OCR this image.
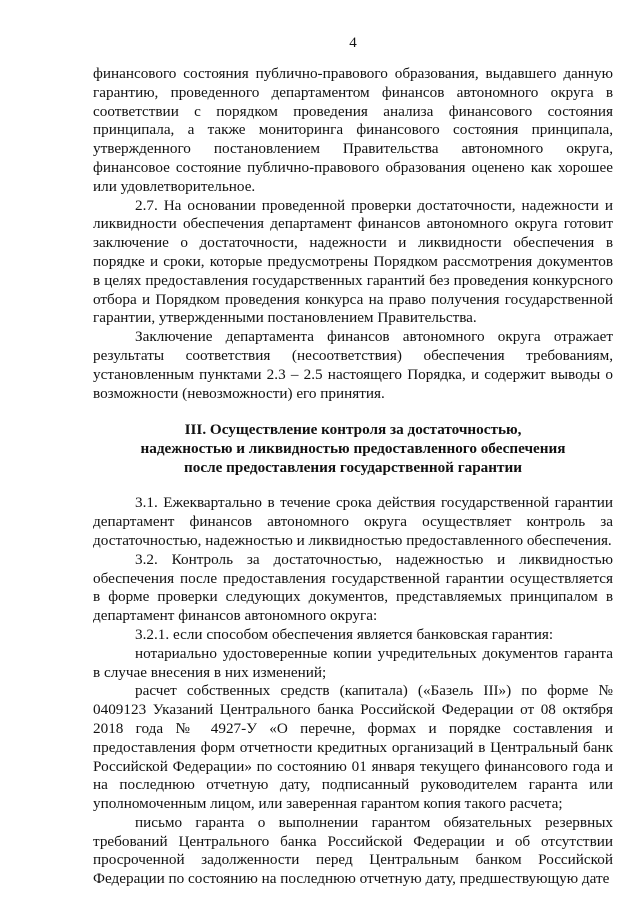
4

финансового состояния публично-правового образования, выдавшего данную гарантию, проведенного департаментом финансов автономного округа в соответствии с порядком проведения анализа финансового состояния принципала, а также мониторинга финансового состояния принципала, утвержденного постановлением Правительства автономного округа, финансовое состояние публично-правового образования оценено как хорошее или удовлетворительное.

2.7. На основании проведенной проверки достаточности, надежности и ликвидности обеспечения департамент финансов автономного округа готовит заключение о достаточности, надежности и ликвидности обеспечения в порядке и сроки, которые предусмотрены Порядком рассмотрения документов в целях предоставления государственных гарантий без проведения конкурсного отбора и Порядком проведения конкурса на право получения государственной гарантии, утвержденными постановлением Правительства.

Заключение департамента финансов автономного округа отражает результаты соответствия (несоответствия) обеспечения требованиям, установленным пунктами 2.3 – 2.5 настоящего Порядка, и содержит выводы о возможности (невозможности) его принятия.

III. Осуществление контроля за достаточностью,
надежностью и ликвидностью предоставленного обеспечения
после предоставления государственной гарантии

3.1. Ежеквартально в течение срока действия государственной гарантии департамент финансов автономного округа осуществляет контроль за достаточностью, надежностью и ликвидностью предоставленного обеспечения.

3.2. Контроль за достаточностью, надежностью и ликвидностью обеспечения после предоставления государственной гарантии осуществляется в форме проверки следующих документов, представляемых принципалом в департамент финансов автономного округа:

3.2.1. если способом обеспечения является банковская гарантия:

нотариально удостоверенные копии учредительных документов гаранта в случае внесения в них изменений;

расчет собственных средств (капитала) («Базель III») по форме № 0409123 Указаний Центрального банка Российской Федерации от 08 октября 2018 года № 4927-У «О перечне, формах и порядке составления и предоставления форм отчетности кредитных организаций в Центральный банк Российской Федерации» по состоянию 01 января текущего финансового года и на последнюю отчетную дату, подписанный руководителем гаранта или уполномоченным лицом, или заверенная гарантом копия такого расчета;

письмо гаранта о выполнении гарантом обязательных резервных требований Центрального банка Российской Федерации и об отсутствии просроченной задолженности перед Центральным банком Российской Федерации по состоянию на последнюю отчетную дату, предшествующую дате
